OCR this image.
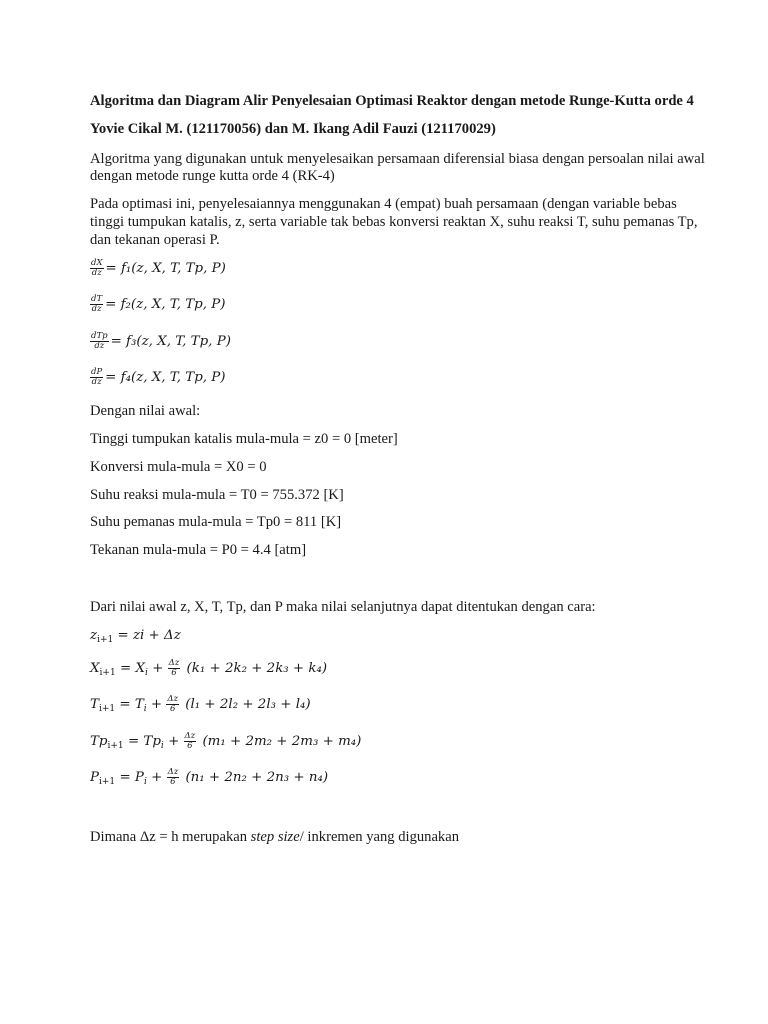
Algoritma dan Diagram Alir Penyelesaian Optimasi Reaktor dengan metode Runge-Kutta orde 4
Yovie Cikal M. (121170056) dan M. Ikang Adil Fauzi (121170029)
Algoritma yang digunakan untuk menyelesaikan persamaan diferensial biasa dengan persoalan nilai awal
dengan metode runge kutta orde 4 (RK-4)
Pada optimasi ini, penyelesaiannya menggunakan 4 (empat) buah persamaan (dengan variable bebas
tinggi tumpukan katalis, z, serta variable tak bebas konversi reaktan X, suhu reaksi T, suhu pemanas Tp,
dan tekanan operasi P.
$\frac{dX}{dz} = f_1(z$, X, T, Tp, P)
$\frac{dT}{dz} = f_2(z$, X, T, Tp, P)
$\frac{\text{dTp}}{dz} = f_3(z$, X, T, Tp, P)
$\frac{dP}{dz} = f_4(z$, X, T, Tp, P)
Dengan nilai awal:
Tinggi tumpukan katalis mula-mula = z0 = 0 [meter]
Konversi mula-mula = X0 = 0
Suhu reaksi mula-mula = T0 = 755.372 [K]
Suhu pemanas mula-mula = Tp0 = 811 [K]
Tekanan mula-mula = P0 = 4.4 [atm]
Dari nilai awal z, X, T, Tp, dan P maka nilai selanjutnya dapat ditentukan dengan cara:
$z_{i+1}$ = zi + Δz
$X_{i+1} = X_i + \frac{\Delta z}{6} (k_1 + 2k_2 + 2k_3 + k_4)$
$T_{i+1} = T_i + \frac{\Delta z}{6} (l_1 + 2l_2 + 2l_3 + l_4)$
$Tp_{i+1} = Tp_i + \frac{\Delta z}{6} (m_1 + 2m_2 + 2m_3 + m_4)$
$P_{i+1} = P_i + \frac{\Delta z}{6} (n_1 + 2n_2 + 2n_3 + n_4)$
Dimana Δz = h merupakan step size/ inkremen yang digunakan
